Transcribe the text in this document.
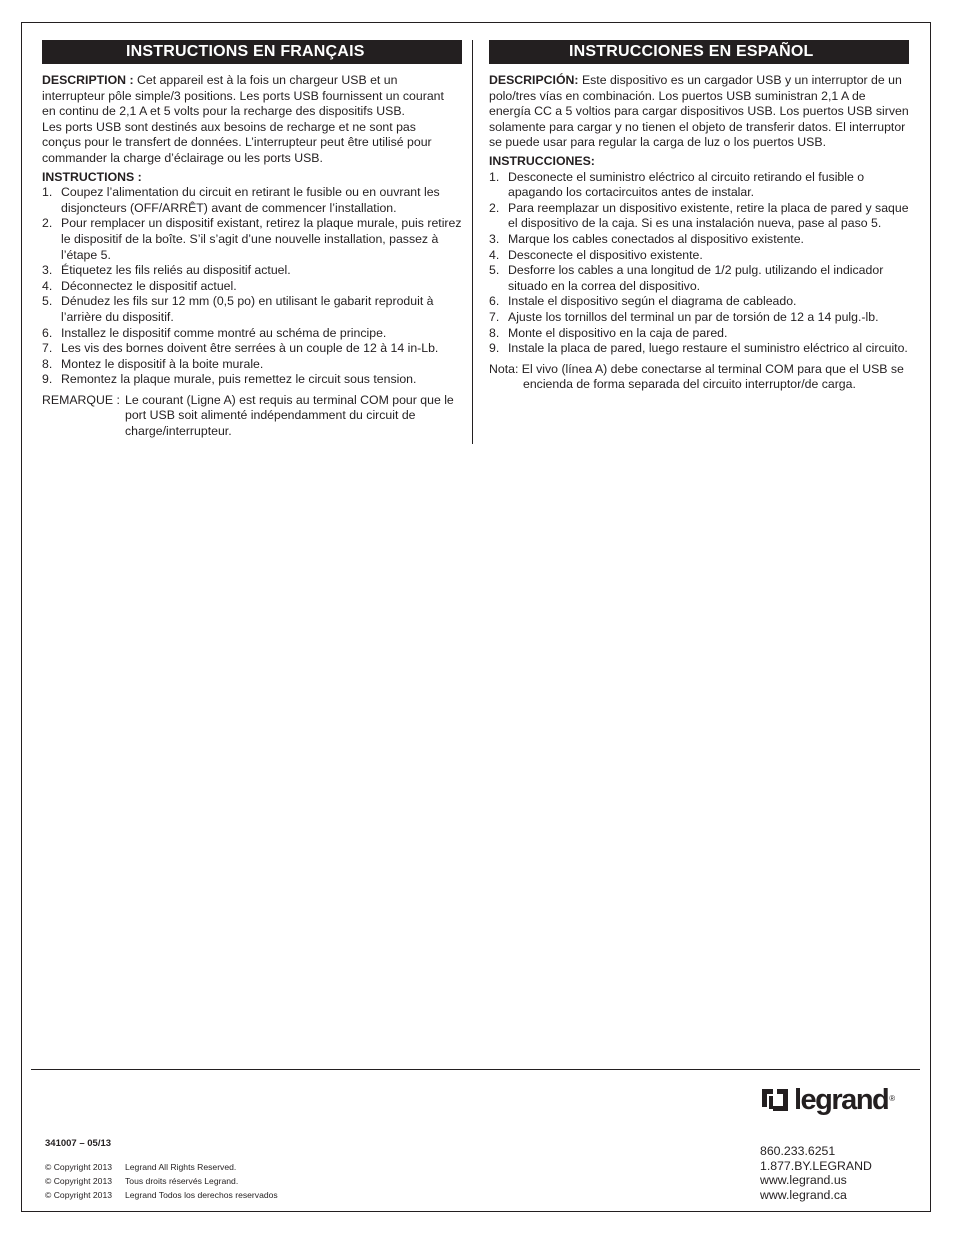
INSTRUCTIONS EN FRANÇAIS

DESCRIPTION : Cet appareil est à la fois un chargeur USB et un

interrupteur pôle simple/3 positions. Les ports USB fournissent un courant

en continu de 2,1 A et 5 volts pour la recharge des dispositifs USB.

Les ports USB sont destinés aux besoins de recharge et ne sont pas

conçus pour le transfert de données. L’interrupteur peut être utilisé pour

commander la charge d’éclairage ou les ports USB.

INSTRUCTIONS :
1. Coupez l’alimentation du circuit en retirant le fusible ou en ouvrant les disjoncteurs (OFF/ARRÊT) avant de commencer l’installation.
2. Pour remplacer un dispositif existant, retirez la plaque murale, puis retirez le dispositif de la boîte. S’il s’agit d’une nouvelle installation, passez à l’étape 5.
3. Étiquetez les fils reliés au dispositif actuel.
4. Déconnectez le dispositif actuel.
5. Dénudez les fils sur 12 mm (0,5 po) en utilisant le gabarit reproduit à l’arrière du dispositif.
6. Installez le dispositif comme montré au schéma de principe.
7. Les vis des bornes doivent être serrées à un couple de 12 à 14 in-Lb.
8. Montez le dispositif à la boite murale.
9. Remontez la plaque murale, puis remettez le circuit sous tension.
REMARQUE : Le courant (Ligne A) est requis au terminal COM pour que le port USB soit alimenté indépendamment du circuit de charge/interrupteur.
INSTRUCCIONES EN ESPAÑOL

DESCRIPCIÓN: Este dispositivo es un cargador USB y un interruptor de un polo/tres vías en combinación. Los puertos USB suministran 2,1 A de energía CC a 5 voltios para cargar dispositivos USB. Los puertos USB sirven solamente para cargar y no tienen el objeto de transferir datos. El interruptor se puede usar para regular la carga de luz o los puertos USB.

INSTRUCCIONES:
1. Desconecte el suministro eléctrico al circuito retirando el fusible o apagando los cortacircuitos antes de instalar.
2. Para reemplazar un dispositivo existente, retire la placa de pared y saque el dispositivo de la caja. Si es una instalación nueva, pase al paso 5.
3. Marque los cables conectados al dispositivo existente.
4. Desconecte el dispositivo existente.
5. Desforre los cables a una longitud de 1/2 pulg. utilizando el indicador situado en la correa del dispositivo.
6. Instale el dispositivo según el diagrama de cableado.
7. Ajuste los tornillos del terminal un par de torsión de 12 a 14 pulg.-lb.
8. Monte el dispositivo en la caja de pared.
9. Instale la placa de pared, luego restaure el suministro eléctrico al circuito.
Nota: El vivo (línea A) debe conectarse al terminal COM para que el USB se encienda de forma separada del circuito interruptor/de carga.
341007 – 05/13
© Copyright 2013 Legrand All Rights Reserved.
© Copyright 2013 Tous droits réservés Legrand.
© Copyright 2013 Legrand Todos los derechos reservados
legrand ®
860.233.6251
1.877.BY.LEGRAND
www.legrand.us
www.legrand.ca
